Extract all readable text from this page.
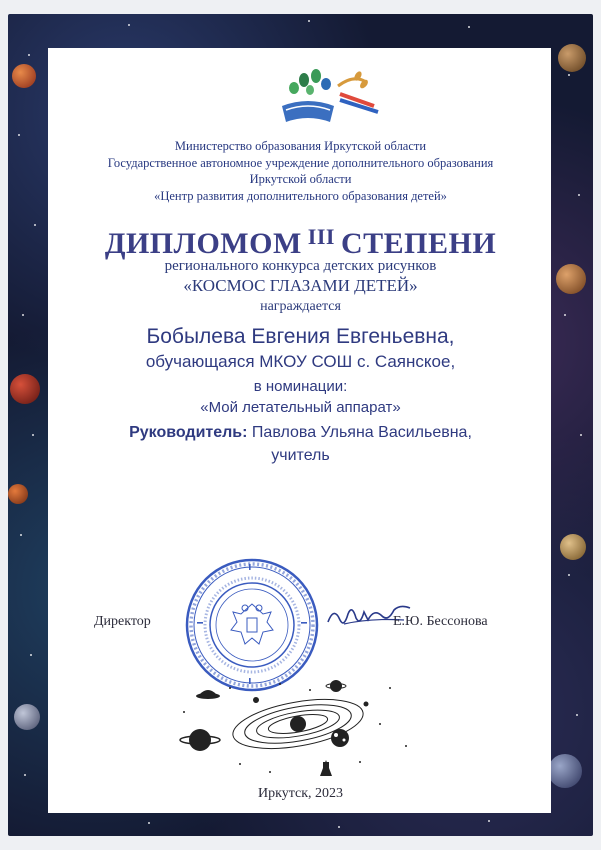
Министерство образования Иркутской области
Государственное автономное учреждение дополнительного образования
Иркутской области
«Центр развития дополнительного образования детей»
ДИПЛОМОМ $^{III}$ СТЕПЕНИ
регионального конкурса детских рисунков
«КОСМОС ГЛАЗАМИ ДЕТЕЙ»
награждается
Бобылева Евгения Евгеньевна,
обучающаяся МКОУ СОШ с. Саянское,
в номинации:
«Мой летательный аппарат»
Руководитель: Павлова Ульяна Васильевна,
учитель
Директор	Е.Ю. Бессонова
Иркутск, 2023
